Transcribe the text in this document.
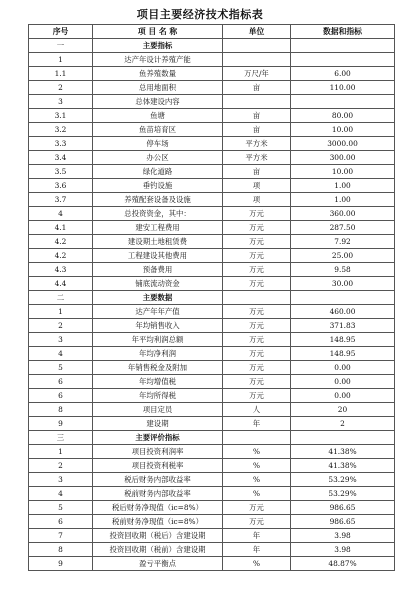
项目主要经济技术指标表
序号	项 目 名 称	单位	数据和指标
一	主要指标		
1	达产年设计养殖产能		
1.1	鱼养殖数量	万尺/年	6.00
2	总用地面积	亩	110.00
3	总体建设内容		
3.1	鱼塘	亩	80.00
3.2	鱼苗培育区	亩	10.00
3.3	停车场	平方米	3000.00
3.4	办公区	平方米	300.00
3.5	绿化道路	亩	10.00
3.6	垂钓设施	项	1.00
3.7	养殖配套设备及设施	项	1.00
4	总投资资金，其中：	万元	360.00
4.1	建安工程费用	万元	287.50
4.2	建设期土地租赁费	万元	7.92
4.2	工程建设其他费用	万元	25.00
4.3	预备费用	万元	9.58
4.4	铺底流动资金	万元	30.00
二	主要数据		
1	达产年年产值	万元	460.00
2	年均销售收入	万元	371.83
3	年平均利润总额	万元	148.95
4	年均净利润	万元	148.95
5	年销售税金及附加	万元	0.00
6	年均增值税	万元	0.00
6	年均所得税	万元	0.00
8	项目定员	人	20
9	建设期	年	2
三	主要评价指标		
1	项目投资利润率	%	41.38%
2	项目投资利税率	%	41.38%
3	税后财务内部收益率	%	53.29%
4	税前财务内部收益率	%	53.29%
5	税后财务净现值（ic=8%）	万元	986.65
6	税前财务净现值（ic=8%）	万元	986.65
7	投资回收期（税后）含建设期	年	3.98
8	投资回收期（税前）含建设期	年	3.98
9	盈亏平衡点	%	48.87%
